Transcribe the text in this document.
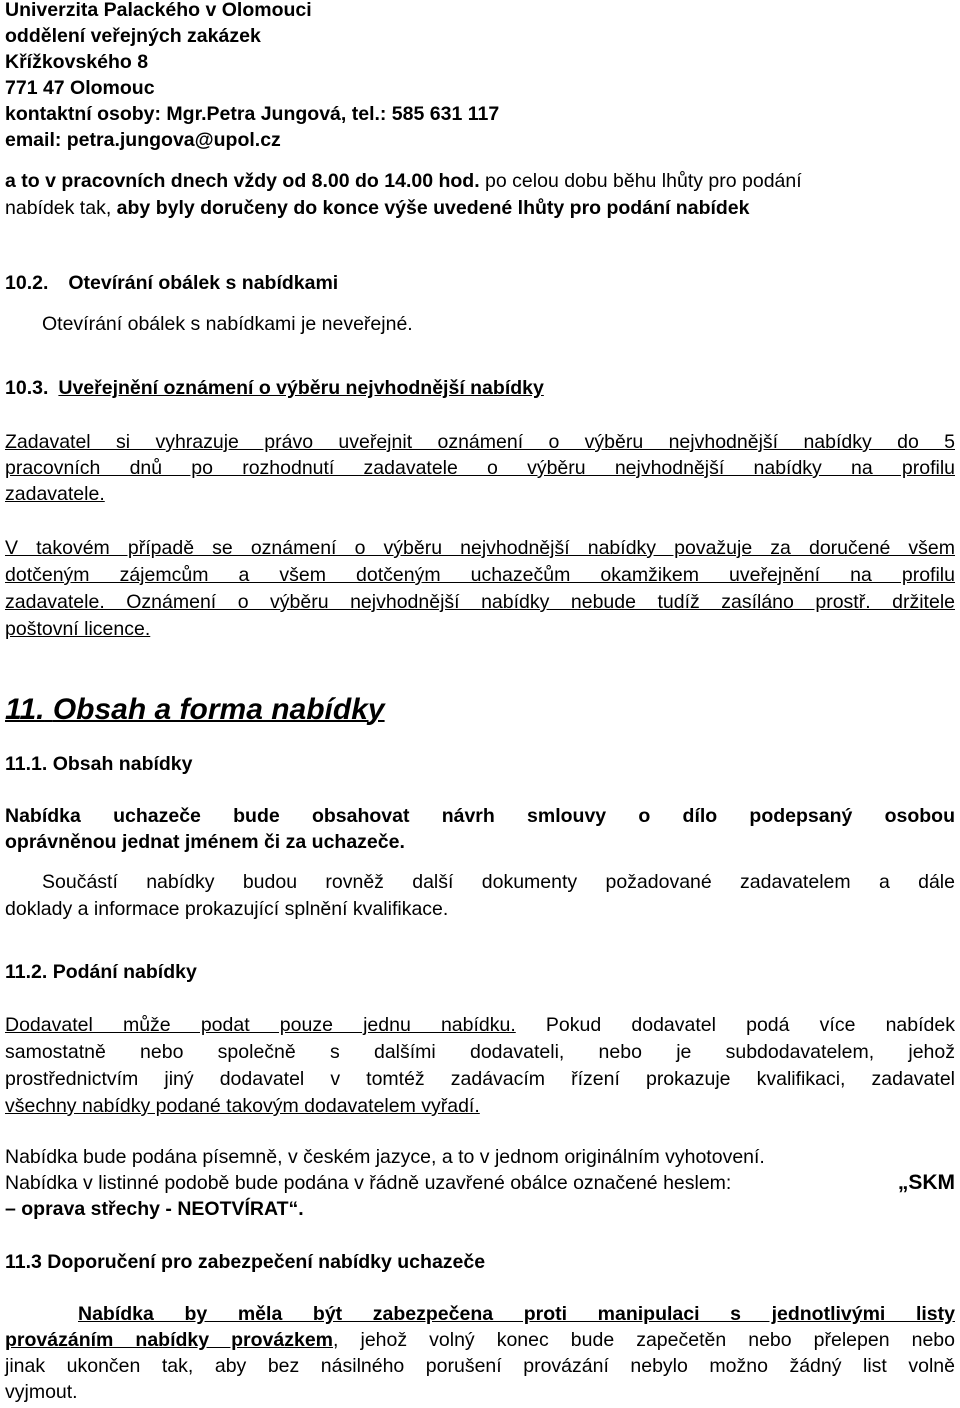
Univerzita Palackého v Olomouci
oddělení veřejných zakázek
Křížkovského 8
771 47 Olomouc
kontaktní osoby: Mgr.Petra Jungová, tel.: 585 631 117
email: petra.jungova@upol.cz
a to v pracovních dnech vždy od 8.00 do 14.00 hod. po celou dobu běhu lhůty pro podání
nabídek tak, aby byly doručeny do konce výše uvedené lhůty pro podání nabídek
10.2. Otevírání obálek s nabídkami
Otevírání obálek s nabídkami je neveřejné.
10.3. Uveřejnění oznámení o výběru nejvhodnější nabídky
Zadavatel si vyhrazuje právo uveřejnit oznámení o výběru nejvhodnější nabídky do 5
pracovních dnů po rozhodnutí zadavatele o výběru nejvhodnější nabídky na profilu
zadavatele.
V takovém případě se oznámení o výběru nejvhodnější nabídky považuje za doručené všem
dotčeným zájemcům a všem dotčeným uchazečům okamžikem uveřejnění na profilu
zadavatele. Oznámení o výběru nejvhodnější nabídky nebude tudíž zasíláno prostř. držitele
poštovní licence.
11. Obsah a forma nabídky
11.1. Obsah nabídky
Nabídka uchazeče bude obsahovat návrh smlouvy o dílo podepsaný osobou
oprávněnou jednat jménem či za uchazeče.
Součástí nabídky budou rovněž další dokumenty požadované zadavatelem a dále
doklady a informace prokazující splnění kvalifikace.
11.2. Podání nabídky
Dodavatel může podat pouze jednu nabídku. Pokud dodavatel podá více nabídek
samostatně nebo společně s dalšími dodavateli, nebo je subdodavatelem, jehož
prostřednictvím jiný dodavatel v tomtéž zadávacím řízení prokazuje kvalifikaci, zadavatel
všechny nabídky podané takovým dodavatelem vyřadí.
Nabídka bude podána písemně, v českém jazyce, a to v jednom originálním vyhotovení.
Nabídka v listinné podobě bude podána v řádně uzavřené obálce označené heslem:	„SKM
– oprava střechy - NEOTVÍRAT“.
11.3 Doporučení pro zabezpečení nabídky uchazeče
Nabídka by měla být zabezpečena proti manipulaci s jednotlivými listy
provázáním nabídky provázkem, jehož volný konec bude zapečetěn nebo přelepen nebo
jinak ukončen tak, aby bez násilného porušení provázání nebylo možno žádný list volně
vyjmout.
